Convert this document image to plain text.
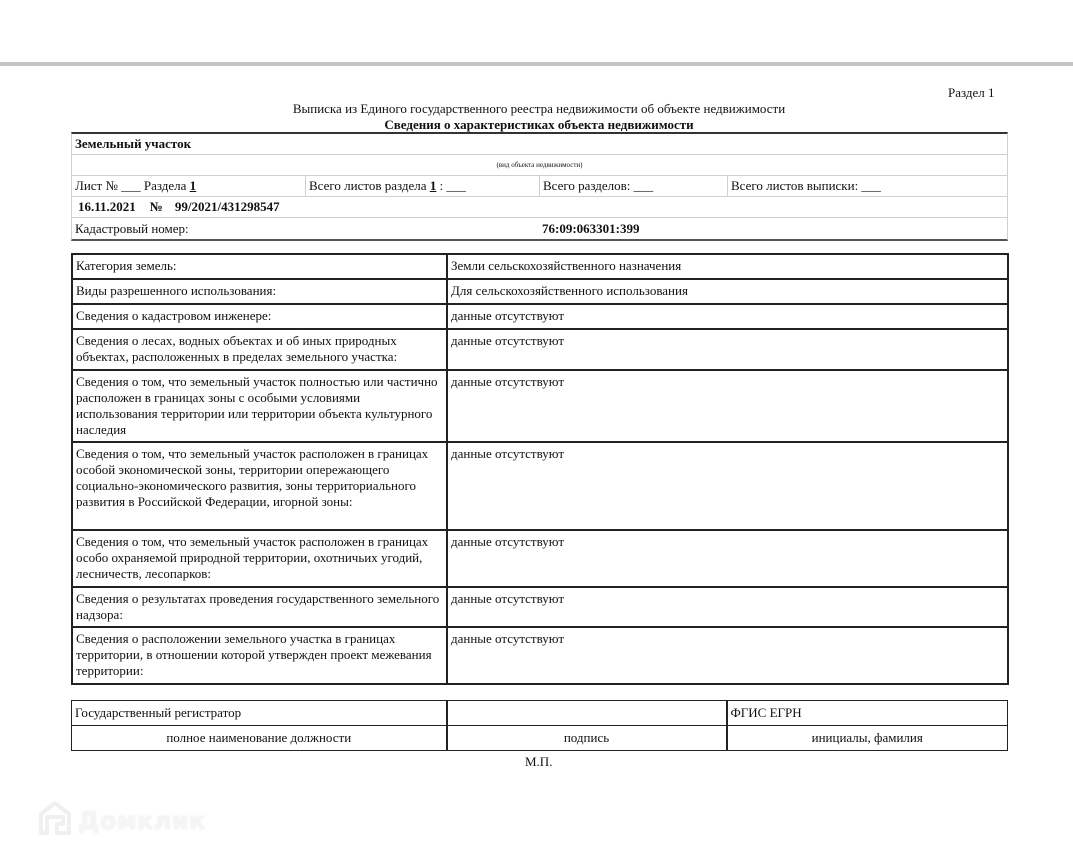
Раздел 1
Выписка из Единого государственного реестра недвижимости об объекте недвижимости
Сведения о характеристиках объекта недвижимости
Земельный участок
(вид объекта недвижимости)
Лист № ___ Раздела 1	Всего листов раздела 1 : ___	Всего разделов: ___	Всего листов выписки: ___
16.11.2021 № 99/2021/431298547
Кадастровый номер:	76:09:063301:399
Категория земель:	Земли сельскохозяйственного назначения
Виды разрешенного использования:	Для сельскохозяйственного использования
Сведения о кадастровом инженере:	данные отсутствуют
Сведения о лесах, водных объектах и об иных природных объектах, расположенных в пределах земельного участка:	данные отсутствуют
Сведения о том, что земельный участок полностью или частично расположен в границах зоны с особыми условиями использования территории или территории объекта культурного наследия	данные отсутствуют
Сведения о том, что земельный участок расположен в границах особой экономической зоны, территории опережающего социально-экономического развития, зоны территориального развития в Российской Федерации, игорной зоны:	данные отсутствуют
Сведения о том, что земельный участок расположен в границах особо охраняемой природной территории, охотничьих угодий, лесничеств, лесопарков:	данные отсутствуют
Сведения о результатах проведения государственного земельного надзора:	данные отсутствуют
Сведения о расположении земельного участка в границах территории, в отношении которой утвержден проект межевания территории:	данные отсутствуют
Государственный регистратор		ФГИС ЕГРН
полное наименование должности	подпись	инициалы, фамилия
М.П.
Домклик
